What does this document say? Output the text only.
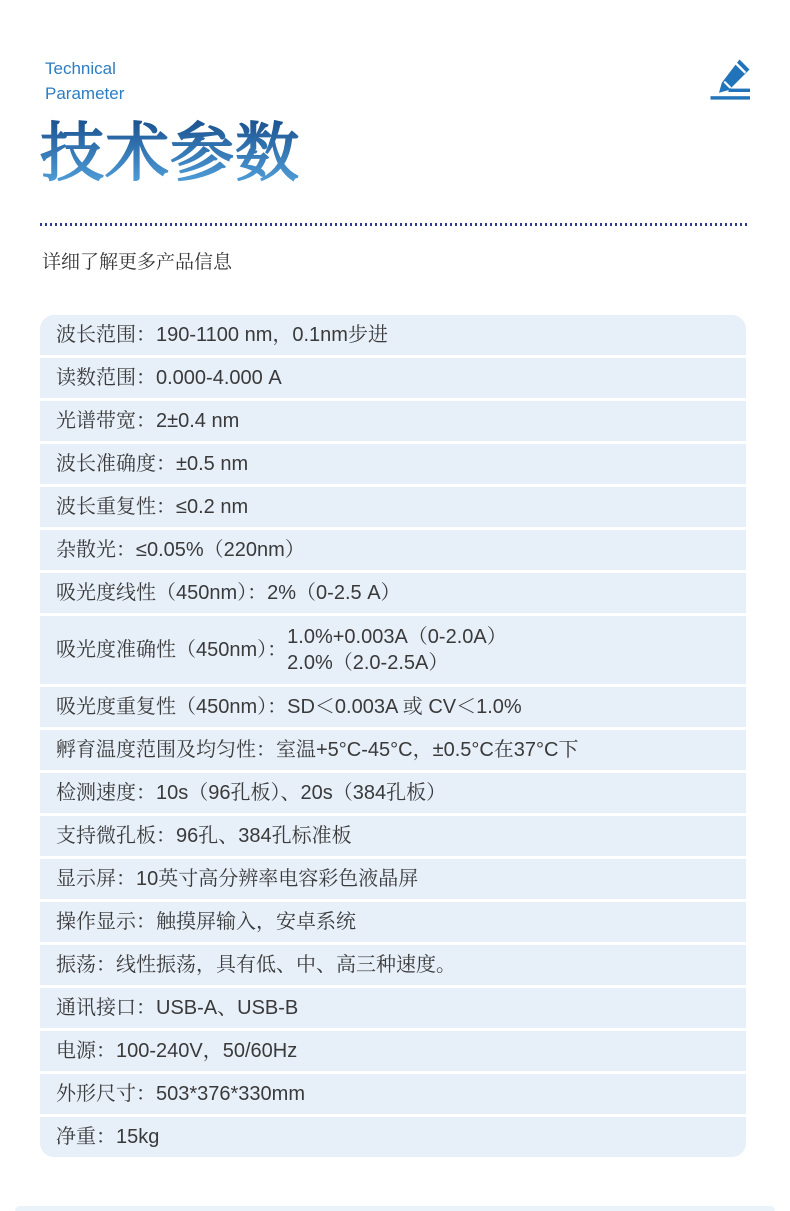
Technical
Parameter
技术参数
详细了解更多产品信息
波长范围：190-1100 nm，0.1nm步进
读数范围：0.000-4.000 A
光谱带宽：2±0.4 nm
波长准确度：±0.5 nm
波长重复性：≤0.2 nm
杂散光：≤0.05%（220nm）
吸光度线性（450nm）：2%（0-2.5 A）
吸光度准确性（450nm）：
1.0%+0.003A（0-2.0A）
2.0%（2.0-2.5A）
吸光度重复性（450nm）：SD＜0.003A 或 CV＜1.0%
孵育温度范围及均匀性：室温+5°C-45°C，±0.5°C在37°C下
检测速度：10s（96孔板）、20s（384孔板）
支持微孔板：96孔、384孔标准板
显示屏：10英寸高分辨率电容彩色液晶屏
操作显示：触摸屏输入，安卓系统
振荡：线性振荡，具有低、中、高三种速度。
通讯接口：USB-A、USB-B
电源：100-240V，50/60Hz
外形尺寸：503*376*330mm
净重：15kg
